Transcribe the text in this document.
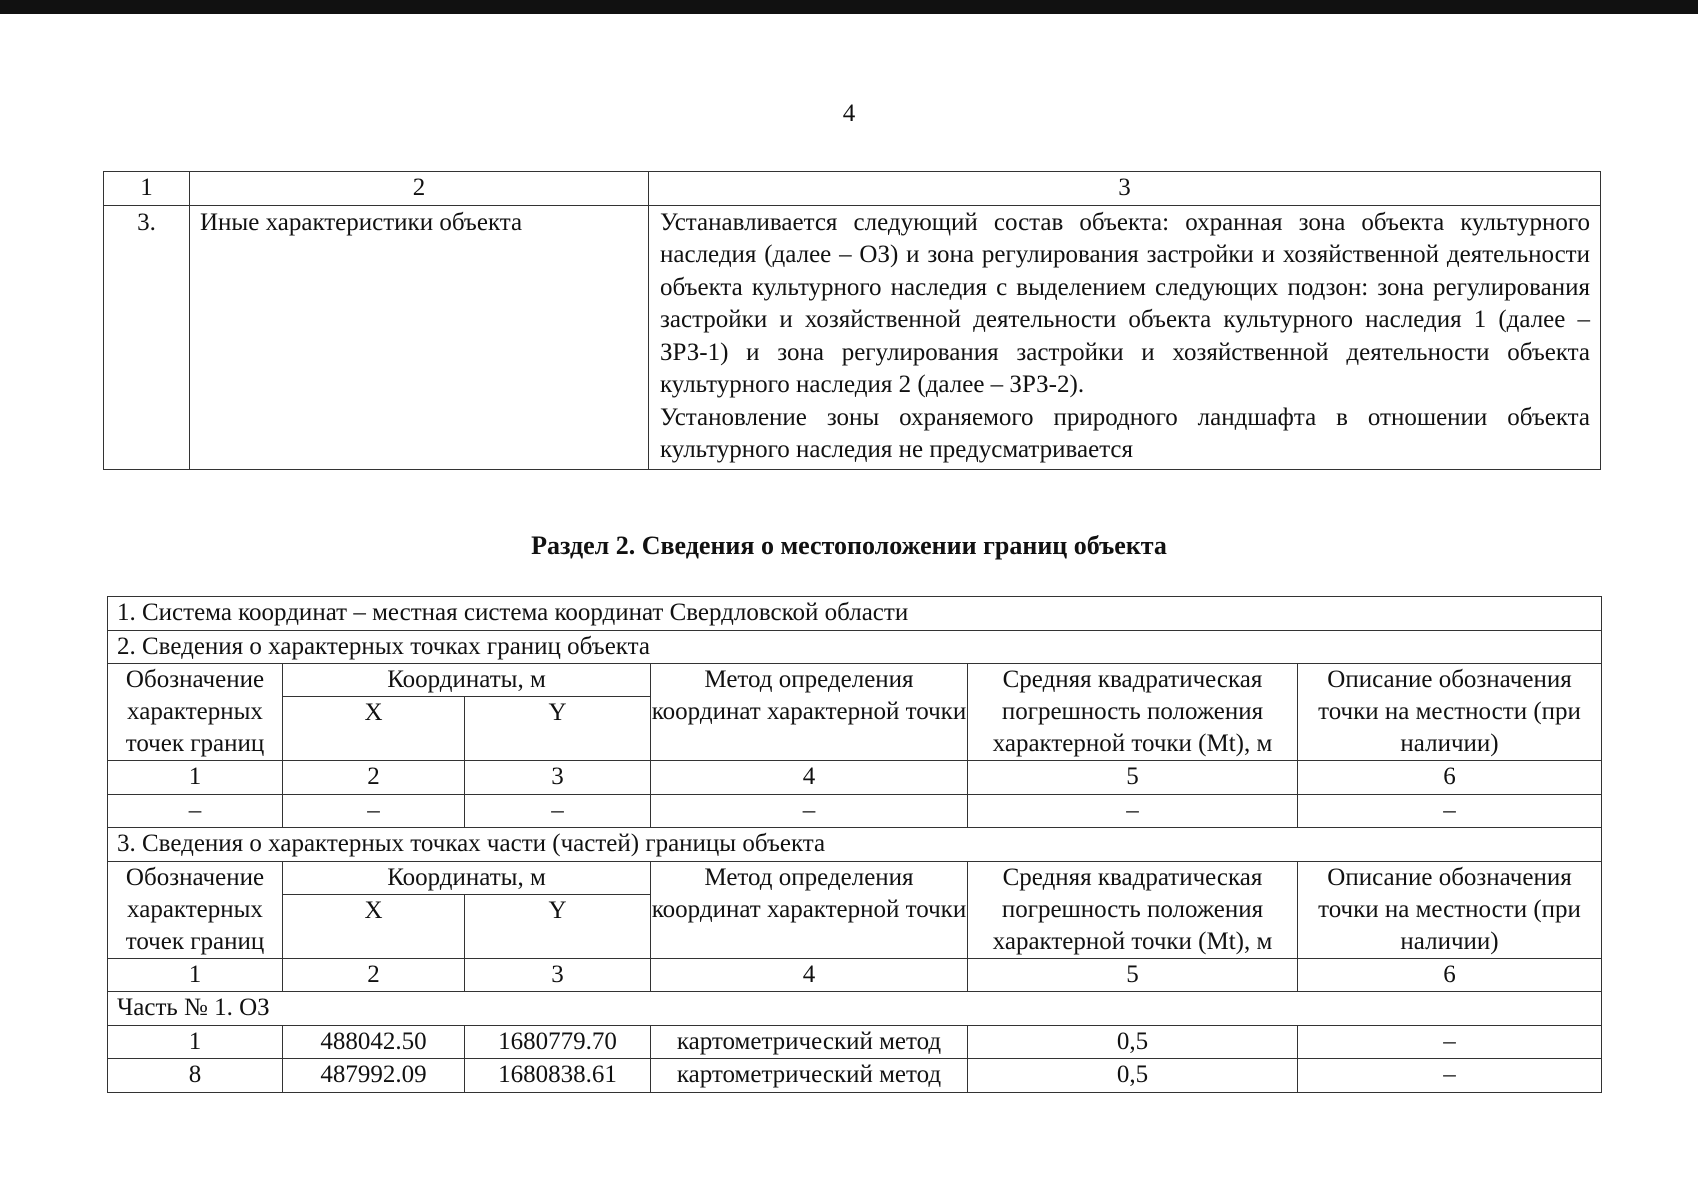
4
1	2	3
3.	Иные характеристики объекта	Устанавливается следующий состав объекта: охранная зона объекта культурного наследия (далее – ОЗ) и зона регулирования застройки и хозяйственной деятельности объекта культурного наследия с выделением следующих подзон: зона регулирования застройки и хозяйственной деятельности объекта культурного наследия 1 (далее – ЗРЗ-1) и зона регулирования застройки и хозяйственной деятельности объекта культурного наследия 2 (далее – ЗРЗ-2).
Установление зоны охраняемого природного ландшафта в отношении объекта культурного наследия не предусматривается
Раздел 2. Сведения о местоположении границ объекта
1. Система координат – местная система координат Свердловской области					
2. Сведения о характерных точках границ объекта					
Обозначение характерных точек границ	Координаты, м		Метод определения координат характерной точки	Средняя квадратическая погрешность положения характерной точки (Mt), м	Описание обозначения точки на местности (при наличии)
	X	Y			
1	2	3	4	5	6
–	–	–	–	–	–
3. Сведения о характерных точках части (частей) границы объекта					
Обозначение характерных точек границ	Координаты, м		Метод определения координат характерной точки	Средняя квадратическая погрешность положения характерной точки (Mt), м	Описание обозначения точки на местности (при наличии)
	X	Y			
1	2	3	4	5	6
Часть № 1. ОЗ					
1	488042.50	1680779.70	картометрический метод	0,5	–
8	487992.09	1680838.61	картометрический метод	0,5	–
